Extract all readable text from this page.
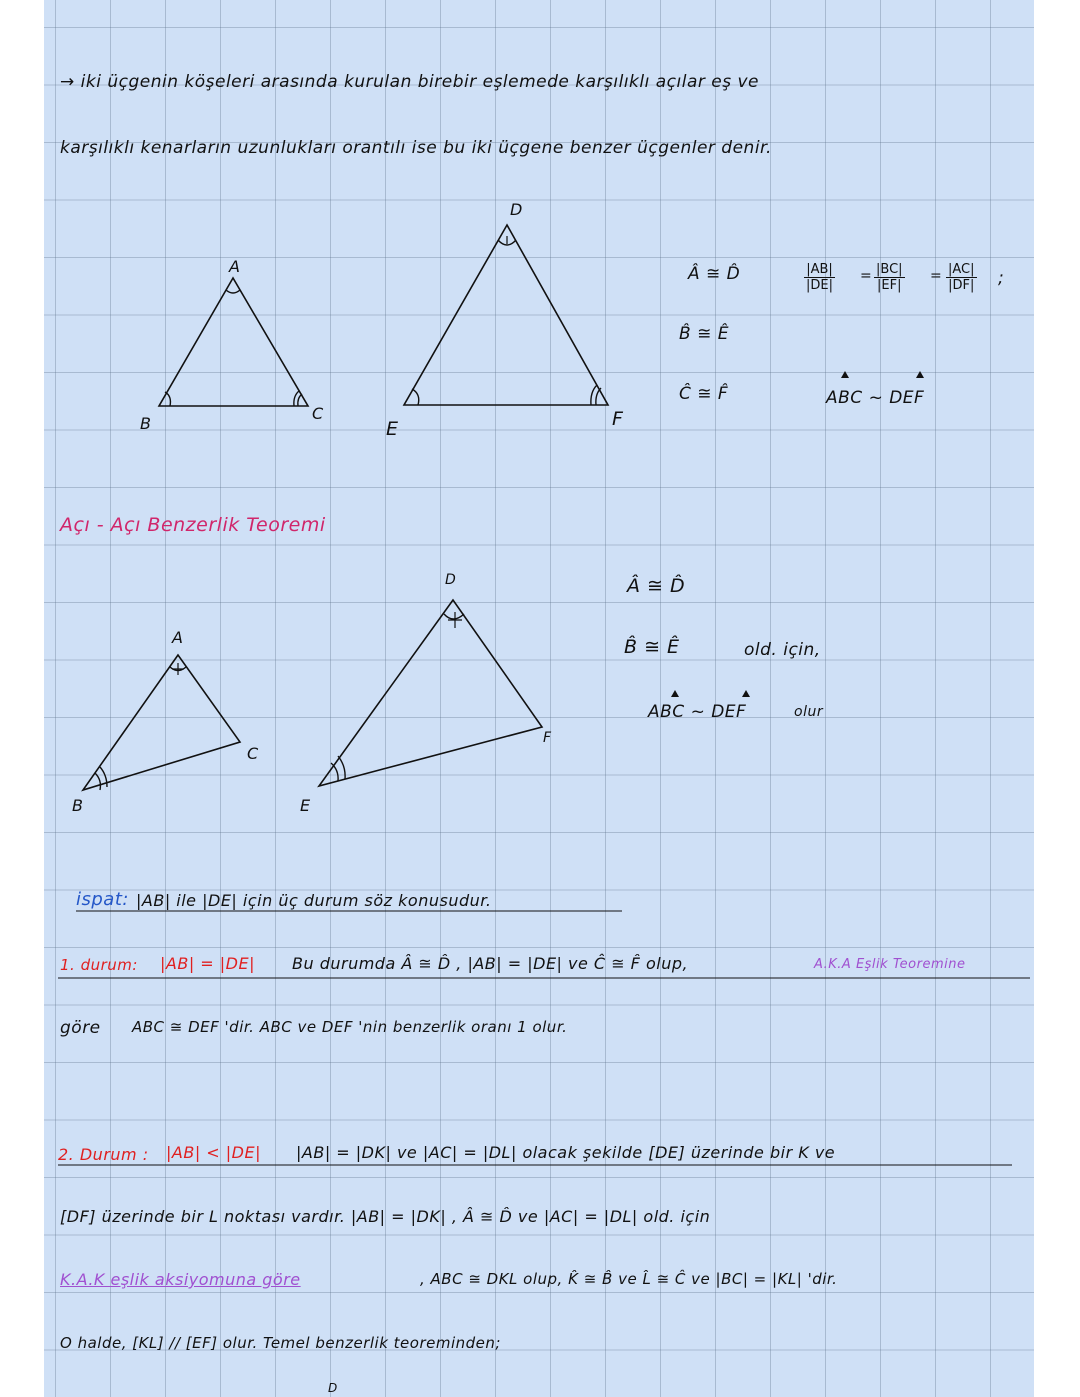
→ iki üçgenin köşeleri arasında kurulan birebir eşlemede karşılıklı açılar eş ve
karşılıklı kenarların uzunlukları orantılı ise bu iki üçgene benzer üçgenler denir.
A
B
C
D
E	F
Â ≅ D̂
B̂ ≅ Ê
Ĉ ≅ F̂
$\frac{|AB|}{|DE|} = \frac{|BC|}{|EF|} = \frac{|AC|}{|DF|}$ ;
ABC ~ DEF
Açı - Açı Benzerlik Teoremi
A
B
C
D
E
F
Â ≅ D̂
B̂ ≅ Ê	old. için,
ABC ~ DEF	olur
ispat: |AB| ile |DE| için üç durum söz konusudur.
1. durum: |AB| = |DE| Bu durumda Â ≅ D̂ , |AB| = |DE| ve Ĉ ≅ F̂ olup,	A.K.A Eşlik Teoremine
göre ABC ≅ DEF 'dir. ABC ve DEF 'nin benzerlik oranı 1 olur.
2. Durum : |AB| < |DE| |AB| = |DK| ve |AC| = |DL| olacak şekilde [DE] üzerinde bir K ve
[DF] üzerinde bir L noktası vardır. |AB| = |DK| , Â ≅ D̂ ve |AC| = |DL| old. için
K.A.K eşlik aksiyomuna göre	, ABC ≅ DKL olup, K̂ ≅ B̂ ve L̂ ≅ Ĉ ve |BC| = |KL| 'dir.
O halde, [KL] // [EF] olur. Temel benzerlik teoreminden;
D
